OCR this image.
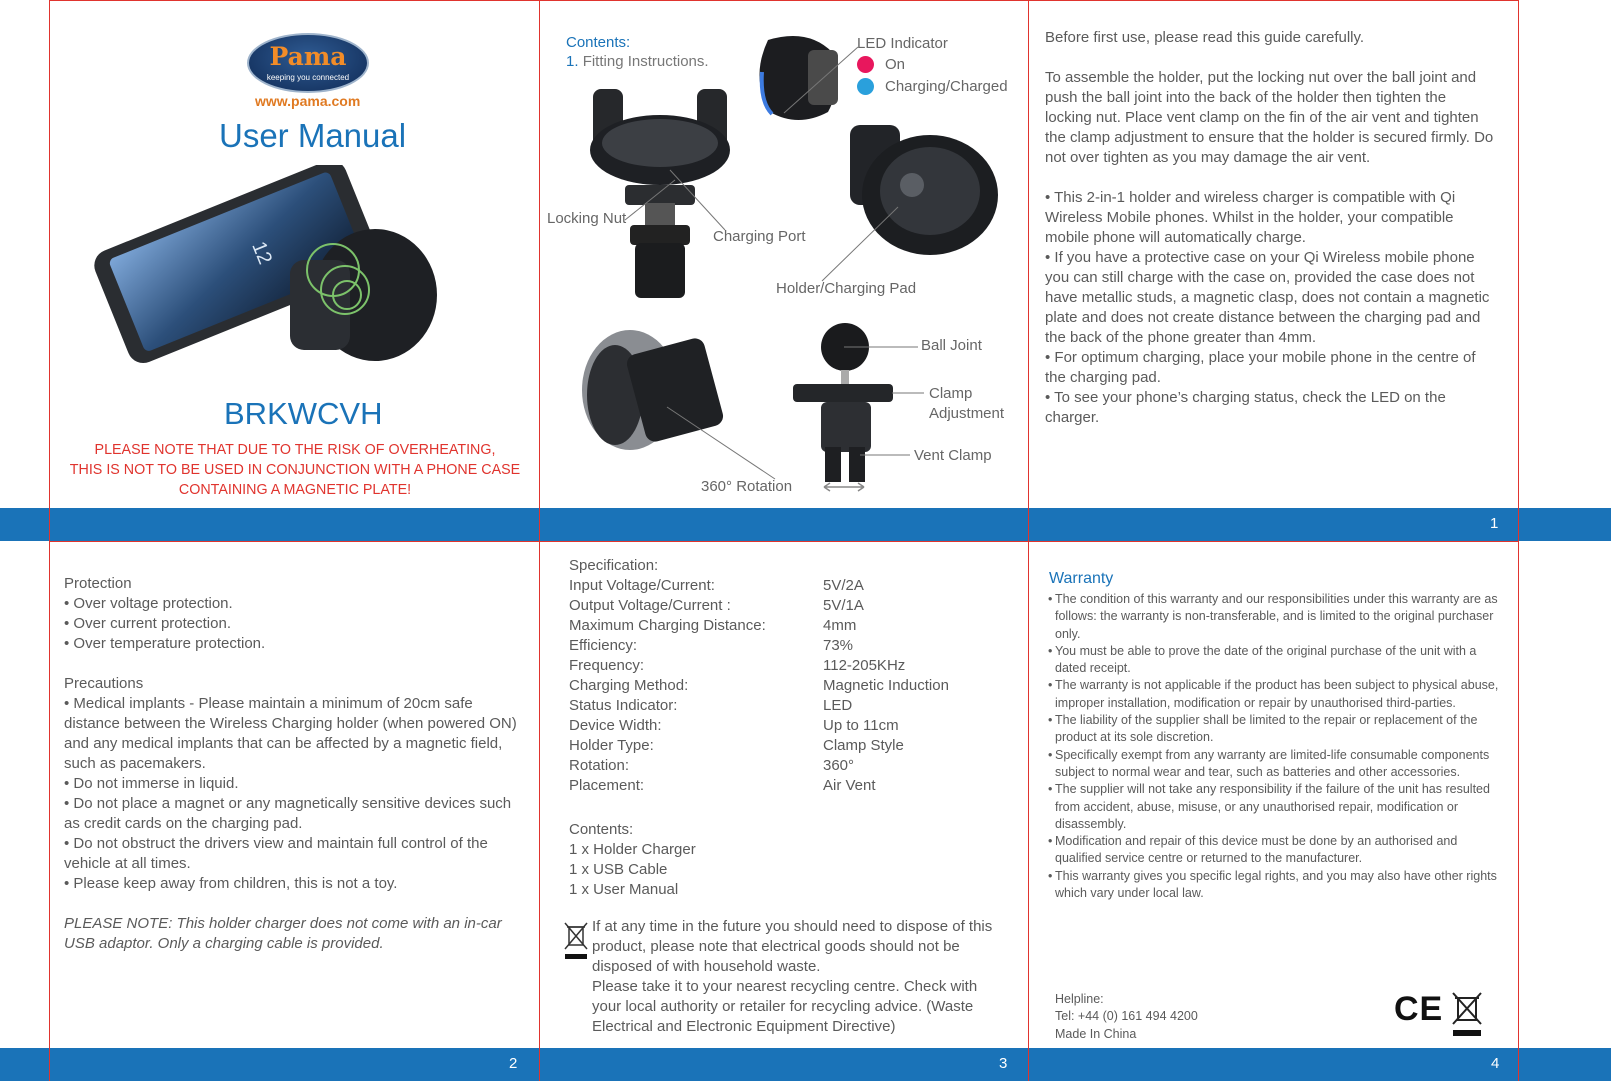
1
2	3	4
Pama
keeping you connected
www.pama.com
User Manual
12
BRKWCVH
PLEASE NOTE THAT DUE TO THE RISK OF OVERHEATING,
THIS IS NOT TO BE USED IN CONJUNCTION WITH A PHONE CASE
CONTAINING A MAGNETIC PLATE!
Contents:
1. Fitting Instructions.
LED Indicator
On
Charging/Charged
Locking Nut
Charging Port
Holder/Charging Pad
360° Rotation
Ball Joint
Clamp
Adjustment
Vent Clamp

Before first use, please read this guide carefully.

To assemble the holder, put the locking nut over the ball joint and push the ball joint into the back of the holder then tighten the locking nut. Place vent clamp on the fin of the air vent and tighten the clamp adjustment to ensure that the holder is secured firmly. Do not over tighten as you may damage the air vent.

• This 2-in-1 holder and wireless charger is compatible with Qi Wireless Mobile phones. Whilst in the holder, your compatible mobile phone will automatically charge.

• If you have a protective case on your Qi Wireless mobile phone you can still charge with the case on, provided the case does not have metallic studs, a magnetic clasp, does not contain a magnetic plate and does not create distance between the charging pad and the back of the phone greater than 4mm.

• For optimum charging, place your mobile phone in the centre of the charging pad.

• To see your phone’s charging status, check the LED on the charger.

Protection

• Over voltage protection.

• Over current protection.

• Over temperature protection.

Precautions

• Medical implants - Please maintain a minimum of 20cm safe distance between the Wireless Charging holder (when powered ON) and any medical implants that can be affected by a magnetic field, such as pacemakers.

• Do not immerse in liquid.

• Do not place a magnet or any magnetically sensitive devices such as credit cards on the charging pad.

• Do not obstruct the drivers view and maintain full control of the vehicle at all times.

• Please keep away from children, this is not a toy.

PLEASE NOTE: This holder charger does not come with an in-car USB adaptor. Only a charging cable is provided.

Specification:
Input Voltage/Current:	5V/2A
Output Voltage/Current :	5V/1A
Maximum Charging Distance:	4mm
Efficiency:	73%
Frequency:	112-205KHz
Charging Method:	Magnetic Induction
Status Indicator:	LED
Device Width:	Up to 11cm
Holder Type:	Clamp Style
Rotation:	360°
Placement:	Air Vent
Contents:
1 x Holder Charger
1 x USB Cable
1 x User Manual

If at any time in the future you should need to dispose of this product, please note that electrical goods should not be disposed of with household waste.

Please take it to your nearest recycling centre. Check with your local authority or retailer for recycling advice. (Waste Electrical and Electronic Equipment Directive)

Warranty
• The condition of this warranty and our responsibilities under this warranty are as follows: the warranty is non-transferable, and is limited to the original purchaser only.
• You must be able to prove the date of the original purchase of the unit with a dated receipt.
• The warranty is not applicable if the product has been subject to physical abuse, improper installation, modification or repair by unauthorised third-parties.
• The liability of the supplier shall be limited to the repair or replacement of the product at its sole discretion.
• Specifically exempt from any warranty are limited-life consumable components subject to normal wear and tear, such as batteries and other accessories.
• The supplier will not take any responsibility if the failure of the unit has resulted from accident, abuse, misuse, or any unauthorised repair, modification or disassembly.
• Modification and repair of this device must be done by an authorised and qualified service centre or returned to the manufacturer.
• This warranty gives you specific legal rights, and you may also have other rights which vary under local law.
Helpline:
Tel: +44 (0) 161 494 4200
Made In China
CE
